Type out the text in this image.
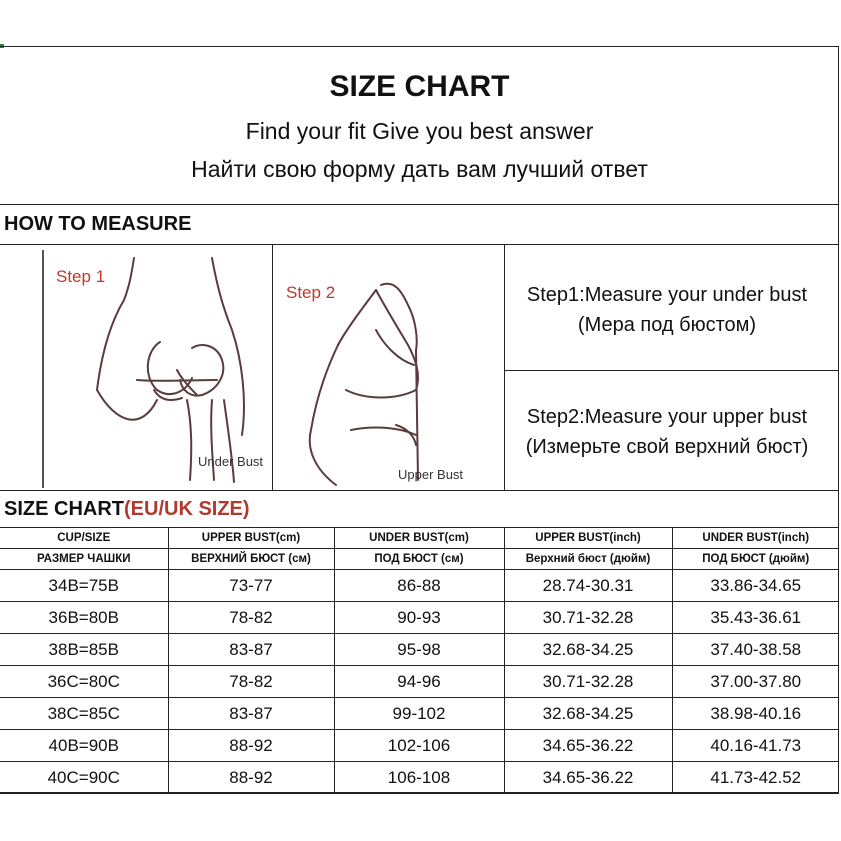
SIZE CHART
Find your fit Give you best answer
Найти свою форму дать вам лучший ответ
HOW TO MEASURE
Step 1
Under Bust
Step 2
Upper Bust
Step1:Measure your under bust
(Мера под бюстом)
Step2:Measure your upper bust
(Измерьте свой верхний бюст)
SIZE CHART(EU/UK SIZE)
CUP/SIZE	UPPER BUST(cm)	UNDER BUST(cm)	UPPER BUST(inch)	UNDER BUST(inch)
РАЗМЕР ЧАШКИ	ВЕРХНИЙ БЮСТ (см)	ПОД БЮСТ (см)	Верхний бюст (дюйм)	ПОД БЮСТ (дюйм)
34B=75B	73-77	86-88	28.74-30.31	33.86-34.65
36B=80B	78-82	90-93	30.71-32.28	35.43-36.61
38B=85B	83-87	95-98	32.68-34.25	37.40-38.58
36C=80C	78-82	94-96	30.71-32.28	37.00-37.80
38C=85C	83-87	99-102	32.68-34.25	38.98-40.16
40B=90B	88-92	102-106	34.65-36.22	40.16-41.73
40C=90C	88-92	106-108	34.65-36.22	41.73-42.52
